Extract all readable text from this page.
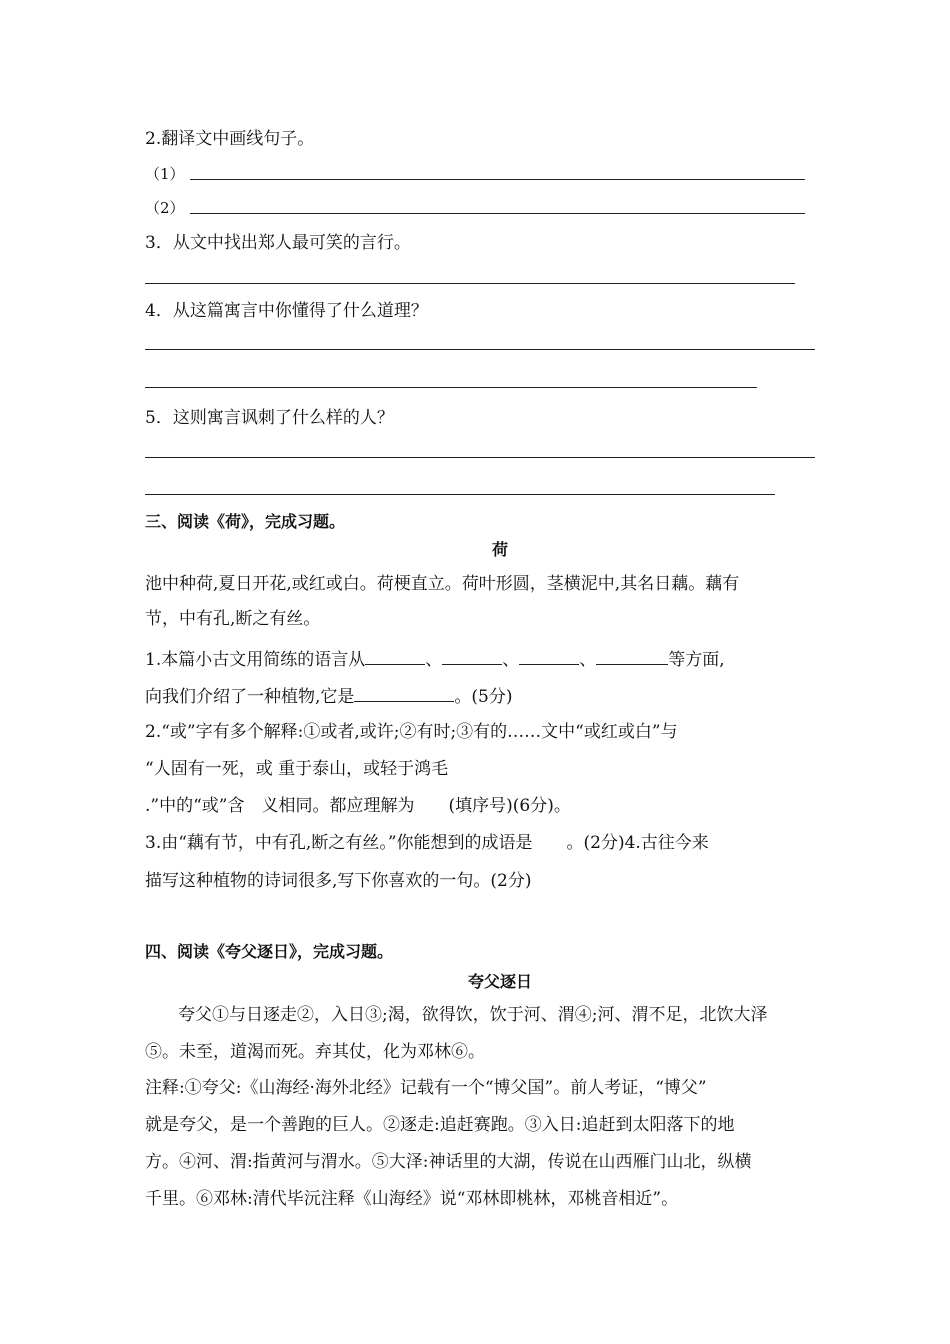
2.翻译文中画线句子。
（1）
（2）
3．从文中找出郑人最可笑的言行。
4．从这篇寓言中你懂得了什么道理？
5．这则寓言讽刺了什么样的人？
三、阅读《荷》，完成习题。
荷
池中种荷,夏日开花,或红或白。荷梗直立。荷叶形圆，茎横泥中,其名日藕。藕有
节，中有孔,断之有丝。
1.本篇小古文用简练的语言从	、	、	、	等方面,
向我们介绍了一种植物,它是	。(5分)
2.“或”字有多个解释:①或者,或许;②有时;③有的……文中“或红或白”与
“人固有一死，或 重于泰山，或轻于鸿毛
.”中的“或”含　义相同。都应理解为　　(填序号)(6分)。
3.由“藕有节，中有孔,断之有丝。”你能想到的成语是　　。(2分)4.古往今来
描写这种植物的诗词很多,写下你喜欢的一句。(2分)
四、阅读《夸父逐日》，完成习题。
夸父逐日
夸父①与日逐走②，入日③;渴，欲得饮，饮于河、渭④;河、渭不足，北饮大泽
⑤。未至，道渴而死。弃其仗，化为邓林⑥。
注释:①夸父:《山海经·海外北经》记载有一个“博父国”。前人考证，“博父”
就是夸父，是一个善跑的巨人。②逐走:追赶赛跑。③入日:追赶到太阳落下的地
方。④河、渭:指黄河与渭水。⑤大泽:神话里的大湖，传说在山西雁门山北，纵横
千里。⑥邓林:清代毕沅注释《山海经》说“邓林即桃林，邓桃音相近”。
